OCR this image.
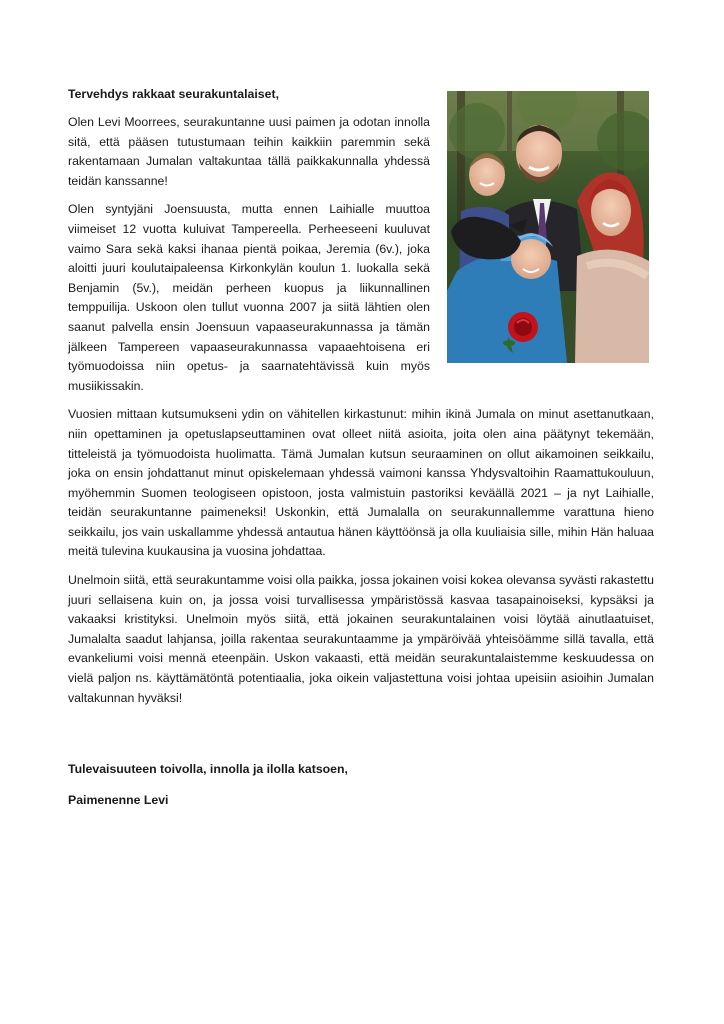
Tervehdys rakkaat seurakuntalaiset,

Olen Levi Moorrees, seurakuntanne uusi paimen ja odotan innolla sitä, että pääsen tutustumaan teihin kaikkiin paremmin sekä rakentamaan Jumalan valtakuntaa tällä paikkakunnalla yhdessä teidän kanssanne!

Olen syntyjäni Joensuusta, mutta ennen Laihialle muuttoa viimeiset 12 vuotta kuluivat Tampereella. Perheeseeni kuuluvat vaimo Sara sekä kaksi ihanaa pientä poikaa, Jeremia (6v.), joka aloitti juuri koulutaipaleensa Kirkonkylän koulun 1. luokalla sekä Benjamin (5v.), meidän perheen kuopus ja liikunnallinen temppuilija. Uskoon olen tullut vuonna 2007 ja siitä lähtien olen saanut palvella ensin Joensuun vapaaseurakunnassa ja tämän jälkeen Tampereen vapaaseurakunnassa vapaaehtoisena eri työmuodoissa niin opetus- ja saarnatehtävissä kuin myös musiikissakin.

Vuosien mittaan kutsumukseni ydin on vähitellen kirkastunut: mihin ikinä Jumala on minut asettanutkaan, niin opettaminen ja opetuslapseuttaminen ovat olleet niitä asioita, joita olen aina päätynyt tekemään, titteleistä ja työmuodoista huolimatta. Tämä Jumalan kutsun seuraaminen on ollut aikamoinen seikkailu, joka on ensin johdattanut minut opiskelemaan yhdessä vaimoni kanssa Yhdysvaltoihin Raamattukouluun, myöhemmin Suomen teologiseen opistoon, josta valmistuin pastoriksi keväällä 2021 – ja nyt Laihialle, teidän seurakuntanne paimeneksi! Uskonkin, että Jumalalla on seurakunnallemme varattuna hieno seikkailu, jos vain uskallamme yhdessä antautua hänen käyttöönsä ja olla kuuliaisia sille, mihin Hän haluaa meitä tulevina kuukausina ja vuosina johdattaa.

Unelmoin siitä, että seurakuntamme voisi olla paikka, jossa jokainen voisi kokea olevansa syvästi rakastettu juuri sellaisena kuin on, ja jossa voisi turvallisessa ympäristössä kasvaa tasapainoiseksi, kypsäksi ja vakaaksi kristityksi. Unelmoin myös siitä, että jokainen seurakuntalainen voisi löytää ainutlaatuiset, Jumalalta saadut lahjansa, joilla rakentaa seurakuntaamme ja ympäröivää yhteisöämme sillä tavalla, että evankeliumi voisi mennä eteenpäin. Uskon vakaasti, että meidän seurakuntalaistemme keskuudessa on vielä paljon ns. käyttämätöntä potentiaalia, joka oikein valjastettuna voisi johtaa upeisiin asioihin Jumalan valtakunnan hyväksi!

Tulevaisuuteen toivolla, innolla ja ilolla katsoen,

Paimenenne Levi
